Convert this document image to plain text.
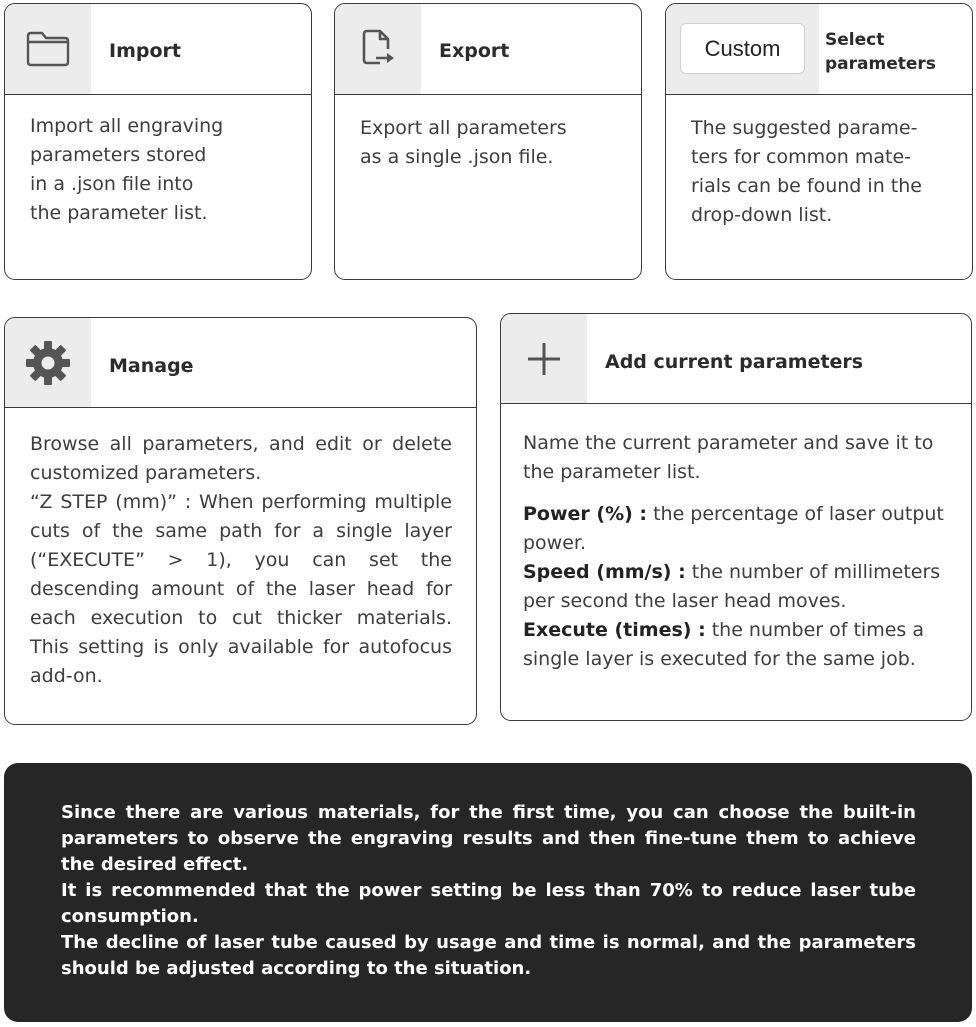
Import
Import all engraving
parameters stored
in a .json file into
the parameter list.
Export
Export all parameters
as a single .json file.
Custom	Select
parameters
The suggested parame-
ters for common mate-
rials can be found in the
drop-down list.
Manage
Browse all parameters, and edit or delete customized parameters.
“Z STEP (mm)” : When performing multiple cuts of the same path for a single layer (“EXECUTE” > 1), you can set the descending amount of the laser head for each execution to cut thicker materials. This setting is only available for autofocus add-on.
Add current parameters
Name the current parameter and save it to the parameter list.
Power (%) : the percentage of laser output power.
Speed (mm/s) : the number of millimeters per second the laser head moves.
Execute (times) : the number of times a single layer is executed for the same job.

Since there are various materials, for the first time, you can choose the built-in parameters to observe the engraving results and then fine-tune them to achieve the desired effect.

It is recommended that the power setting be less than 70% to reduce laser tube consumption.

The decline of laser tube caused by usage and time is normal, and the parameters should be adjusted according to the situation.
